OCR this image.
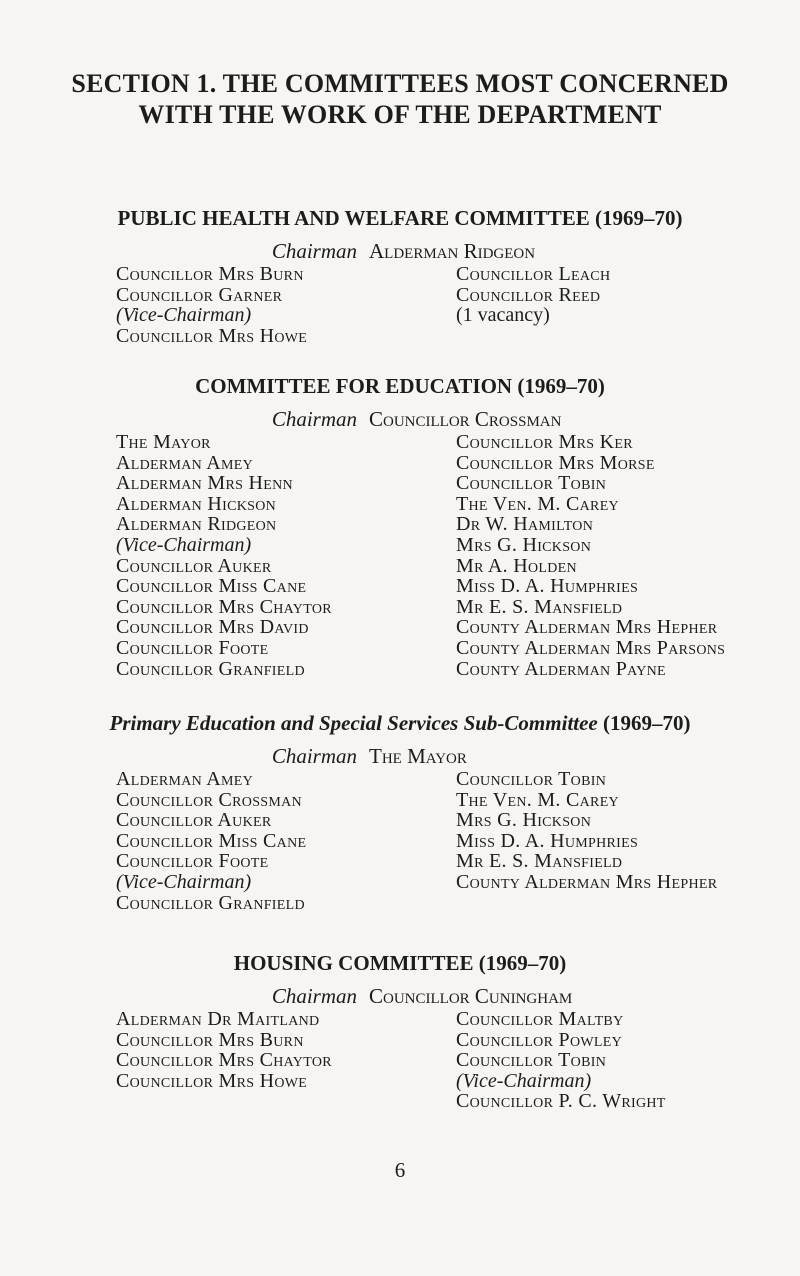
SECTION 1. THE COMMITTEES MOST CONCERNED WITH THE WORK OF THE DEPARTMENT
PUBLIC HEALTH AND WELFARE COMMITTEE (1969–70)
Chairman Alderman Ridgeon
Councillor Mrs Burn
Councillor Garner
(Vice-Chairman)
Councillor Mrs Howe
Councillor Leach
Councillor Reed
(1 vacancy)
COMMITTEE FOR EDUCATION (1969–70)
Chairman Councillor Crossman
The Mayor
Alderman Amey
Alderman Mrs Henn
Alderman Hickson
Alderman Ridgeon
(Vice-Chairman)
Councillor Auker
Councillor Miss Cane
Councillor Mrs Chaytor
Councillor Mrs David
Councillor Foote
Councillor Granfield
Councillor Mrs Ker
Councillor Mrs Morse
Councillor Tobin
The Ven. M. Carey
Dr W. Hamilton
Mrs G. Hickson
Mr A. Holden
Miss D. A. Humphries
Mr E. S. Mansfield
County Alderman Mrs Hepher
County Alderman Mrs Parsons
County Alderman Payne
Primary Education and Special Services Sub-Committee (1969–70)
Chairman The Mayor
Alderman Amey
Councillor Crossman
Councillor Auker
Councillor Miss Cane
Councillor Foote
(Vice-Chairman)
Councillor Granfield
Councillor Tobin
The Ven. M. Carey
Mrs G. Hickson
Miss D. A. Humphries
Mr E. S. Mansfield
County Alderman Mrs Hepher
HOUSING COMMITTEE (1969–70)
Chairman Councillor Cuningham
Alderman Dr Maitland
Councillor Mrs Burn
Councillor Mrs Chaytor
Councillor Mrs Howe
Councillor Maltby
Councillor Powley
Councillor Tobin
(Vice-Chairman)
Councillor P. C. Wright
6
